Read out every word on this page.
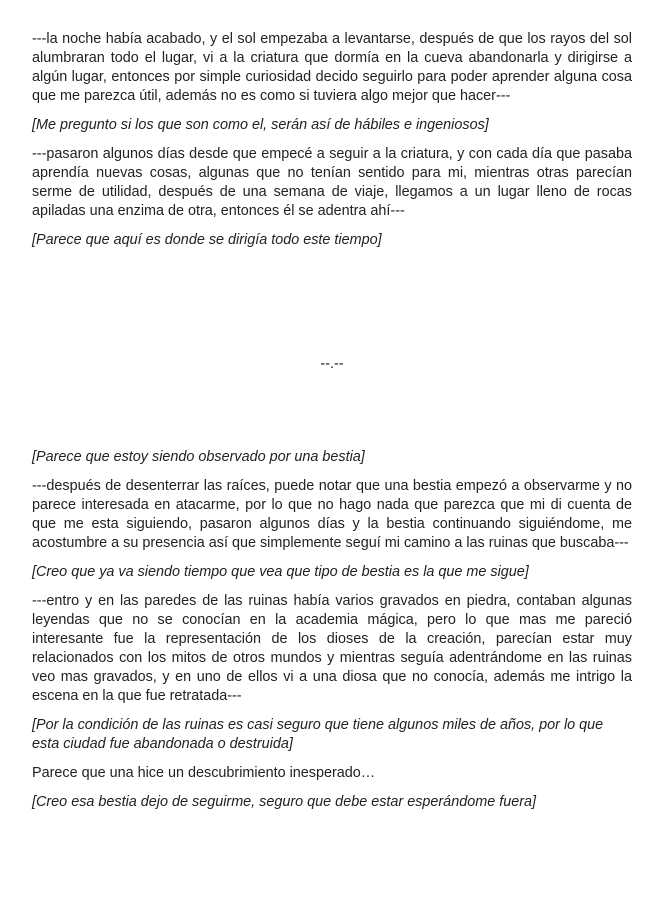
---la noche había acabado, y el sol empezaba a levantarse, después de que los rayos del sol alumbraran todo el lugar, vi a la criatura que dormía en la cueva abandonarla y dirigirse a algún lugar, entonces por simple curiosidad decido seguirlo para poder aprender alguna cosa que me parezca útil, además no es como si tuviera algo mejor que hacer---

[Me pregunto si los que son como el, serán así de hábiles e ingeniosos]

---pasaron algunos días desde que empecé a seguir a la criatura, y con cada día que pasaba aprendía nuevas cosas, algunas que no tenían sentido para mi, mientras otras parecían serme de utilidad, después de una semana de viaje, llegamos a un lugar lleno de rocas apiladas una enzima de otra, entonces él se adentra ahí---

[Parece que aquí es donde se dirigía todo este tiempo]

--.--

[Parece que estoy siendo observado por una bestia]

---después de desenterrar las raíces, puede notar que una bestia empezó a observarme y no parece interesada en atacarme, por lo que no hago nada que parezca que mi di cuenta de que me esta siguiendo, pasaron algunos días y la bestia continuando siguiéndome, me acostumbre a su presencia así que simplemente seguí mi camino a las ruinas que buscaba---

[Creo que ya va siendo tiempo que vea que tipo de bestia es la que me sigue]

---entro y en las paredes de las ruinas había varios gravados en piedra, contaban algunas leyendas que no se conocían en la academia mágica, pero lo que mas me pareció interesante fue la representación de los dioses de la creación, parecían estar muy relacionados con los mitos de otros mundos y mientras seguía adentrándome en las ruinas veo mas gravados, y en uno de ellos vi a una diosa que no conocía, además me intrigo la escena en la que fue retratada---

[Por la condición de las ruinas es casi seguro que tiene algunos miles de años, por lo que esta ciudad fue abandonada o destruida]

Parece que una hice un descubrimiento inesperado…

[Creo esa bestia dejo de seguirme, seguro que debe estar esperándome fuera]
